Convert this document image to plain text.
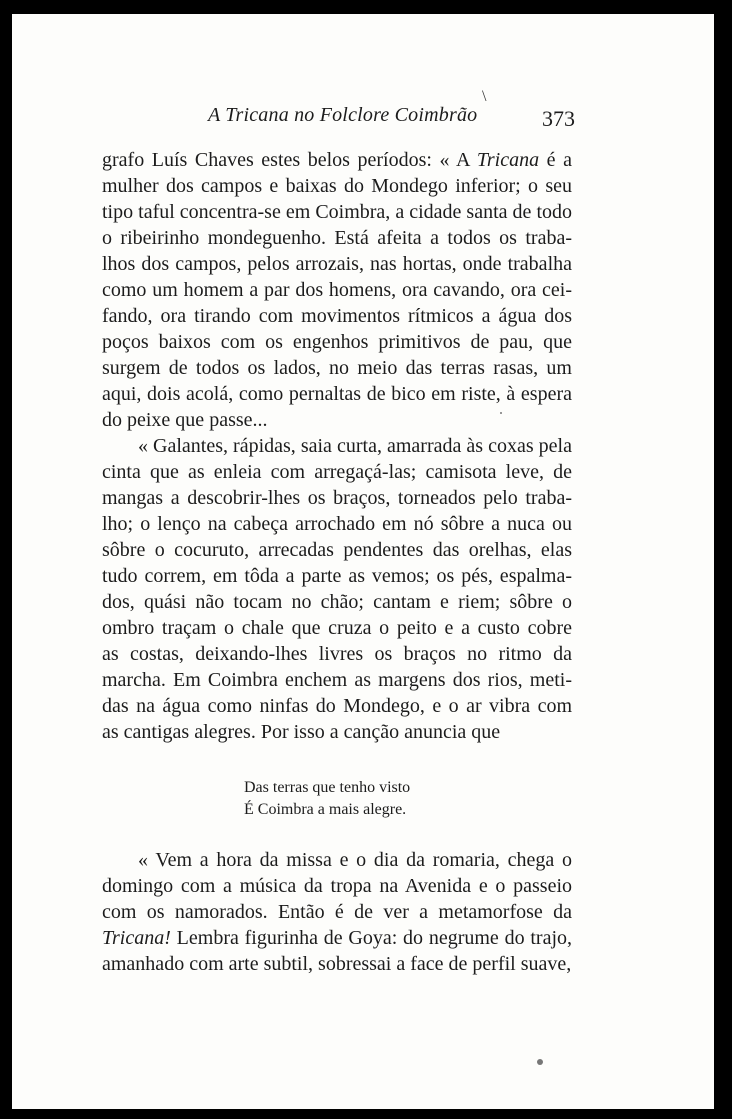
A Tricana no Folclore Coimbrão
\
373
grafo Luís Chaves estes belos períodos: « A Tricana é a
mulher dos campos e baixas do Mondego inferior; o seu
tipo taful concentra-se em Coimbra, a cidade santa de todo
o ribeirinho mondeguenho. Está afeita a todos os traba-
lhos dos campos, pelos arrozais, nas hortas, onde trabalha
como um homem a par dos homens, ora cavando, ora cei-
fando, ora tirando com movimentos rítmicos a água dos
poços baixos com os engenhos primitivos de pau, que
surgem de todos os lados, no meio das terras rasas, um
aqui, dois acolá, como pernaltas de bico em riste, à espera
do peixe que passe...
« Galantes, rápidas, saia curta, amarrada às coxas pela
cinta que as enleia com arregaçá-las; camisota leve, de
mangas a descobrir-lhes os braços, torneados pelo traba-
lho; o lenço na cabeça arrochado em nó sôbre a nuca ou
sôbre o cocuruto, arrecadas pendentes das orelhas, elas
tudo correm, em tôda a parte as vemos; os pés, espalma-
dos, quási não tocam no chão; cantam e riem; sôbre o
ombro traçam o chale que cruza o peito e a custo cobre
as costas, deixando-lhes livres os braços no ritmo da
marcha. Em Coimbra enchem as margens dos rios, meti-
das na água como ninfas do Mondego, e o ar vibra com
as cantigas alegres. Por isso a canção anuncia que
Das terras que tenho visto
É Coimbra a mais alegre.
« Vem a hora da missa e o dia da romaria, chega o
domingo com a música da tropa na Avenida e o passeio
com os namorados. Então é de ver a metamorfose da
Tricana! Lembra figurinha de Goya: do negrume do trajo,
amanhado com arte subtil, sobressai a face de perfil suave,
